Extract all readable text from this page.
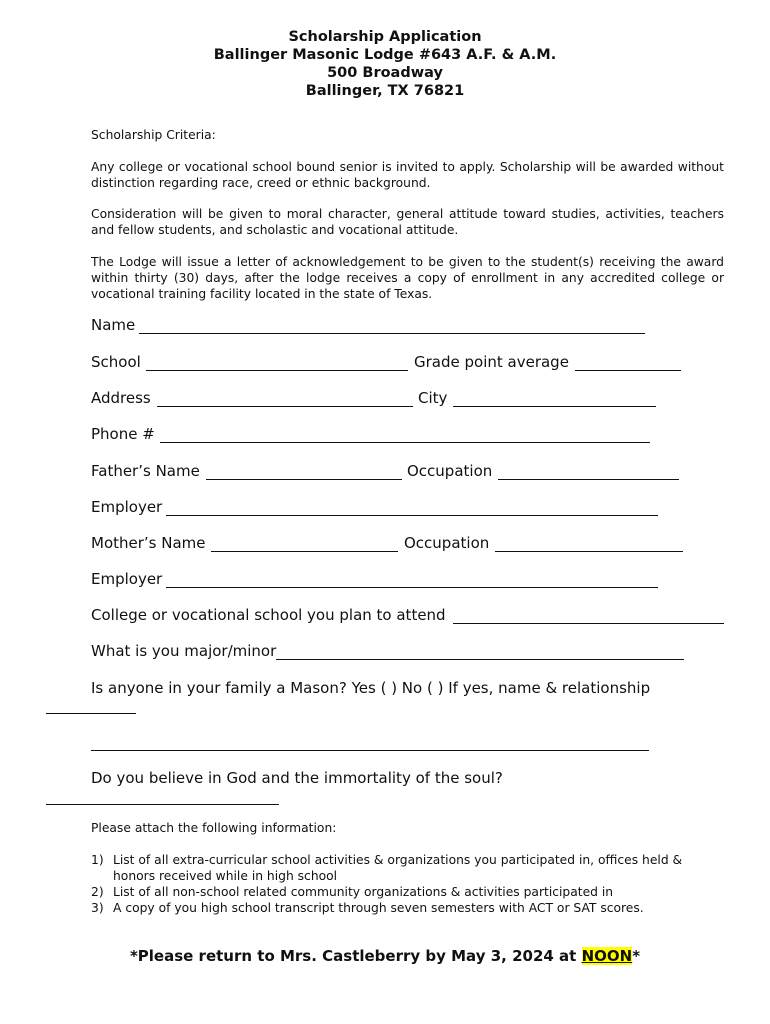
Scholarship Application
Ballinger Masonic Lodge #643 A.F. & A.M.
500 Broadway
Ballinger, TX 76821
Scholarship Criteria:
Any college or vocational school bound senior is invited to apply. Scholarship will be awarded without distinction regarding race, creed or ethnic background.
Consideration will be given to moral character, general attitude toward studies, activities, teachers and fellow students, and scholastic and vocational attitude.
The Lodge will issue a letter of acknowledgement to be given to the student(s) receiving the award within thirty (30) days, after the lodge receives a copy of enrollment in any accredited college or vocational training facility located in the state of Texas.
Name
School	Grade point average
Address	City
Phone #
Father’s Name	Occupation
Employer
Mother’s Name	Occupation
Employer
College or vocational school you plan to attend
What is you major/minor
Is anyone in your family a Mason? Yes ( ) No ( ) If yes, name & relationship
Do you believe in God and the immortality of the soul?
Please attach the following information:
1) List of all extra-curricular school activities & organizations you participated in, offices held & honors received while in high school
2) List of all non-school related community organizations & activities participated in
3) A copy of you high school transcript through seven semesters with ACT or SAT scores.
*Please return to Mrs. Castleberry by May 3, 2024 at NOON*
